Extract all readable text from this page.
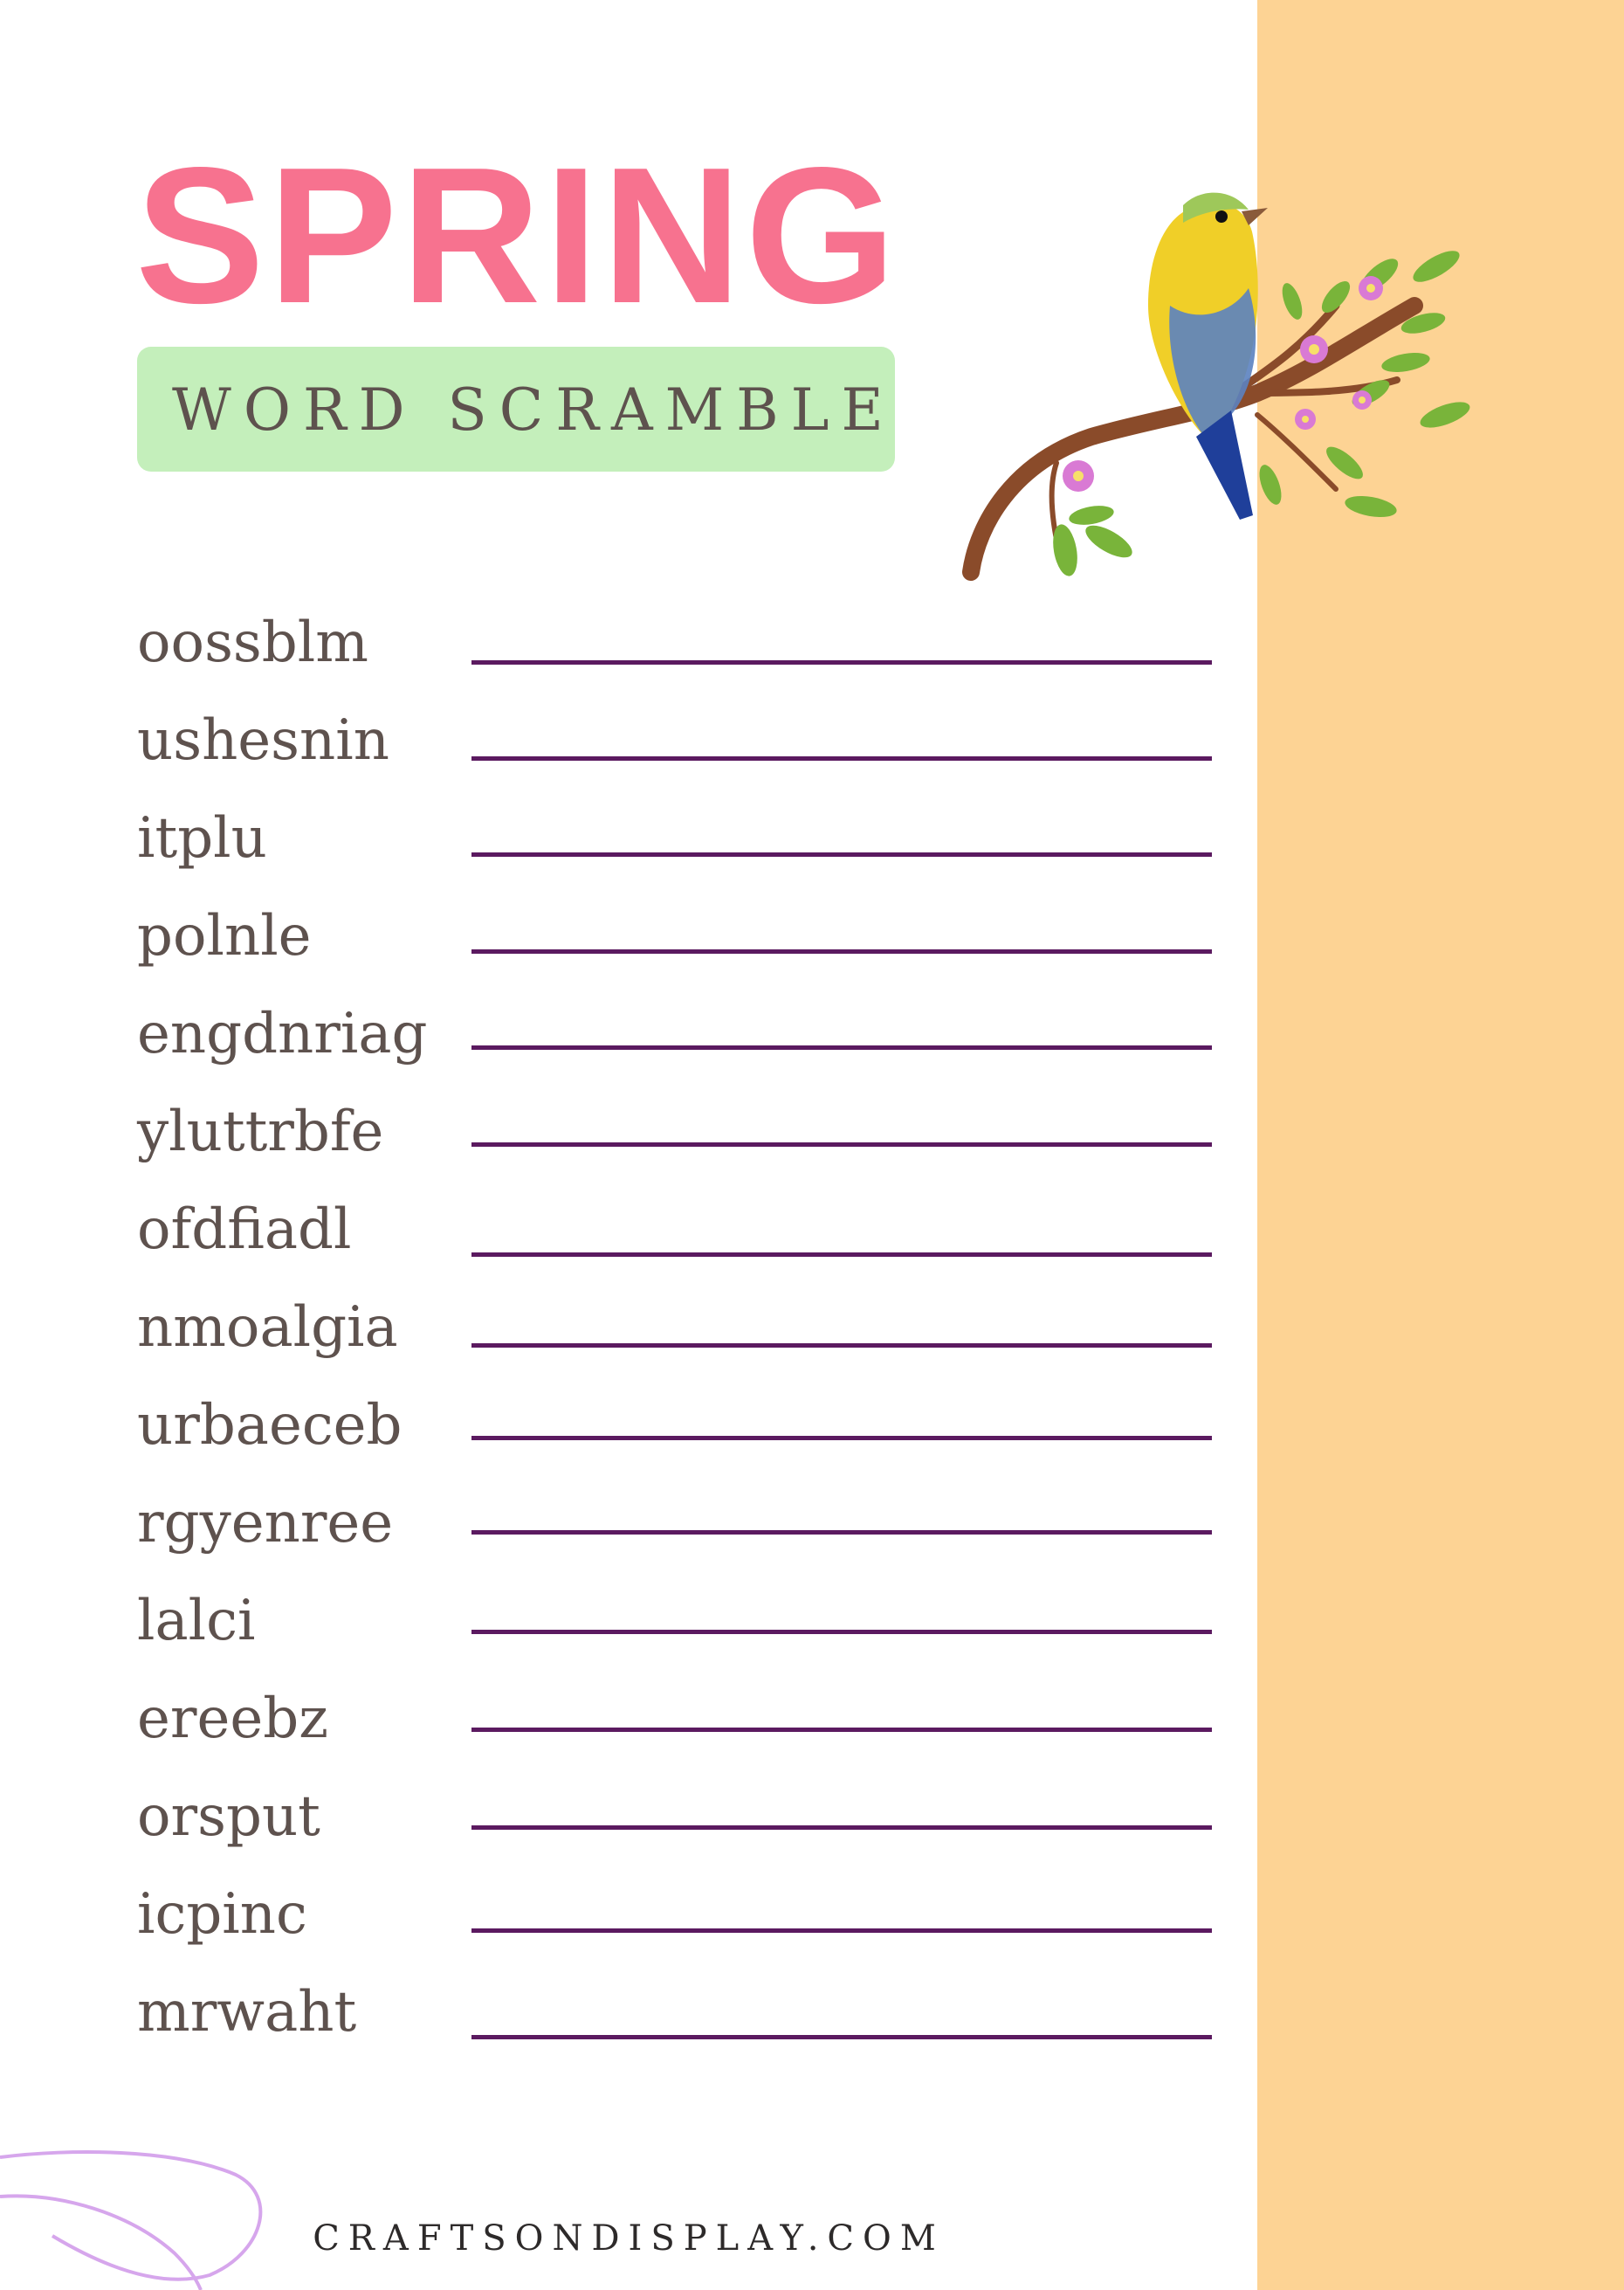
SPRING
WORD SCRAMBLE
oossblm
ushesnin
itplu
polnle
engdnriag
yluttrbfe
ofdfiadl
nmoalgia
urbaeceb
rgyenree
lalci
ereebz
orsput
icpinc
mrwaht
CRAFTSONDISPLAY.COM
